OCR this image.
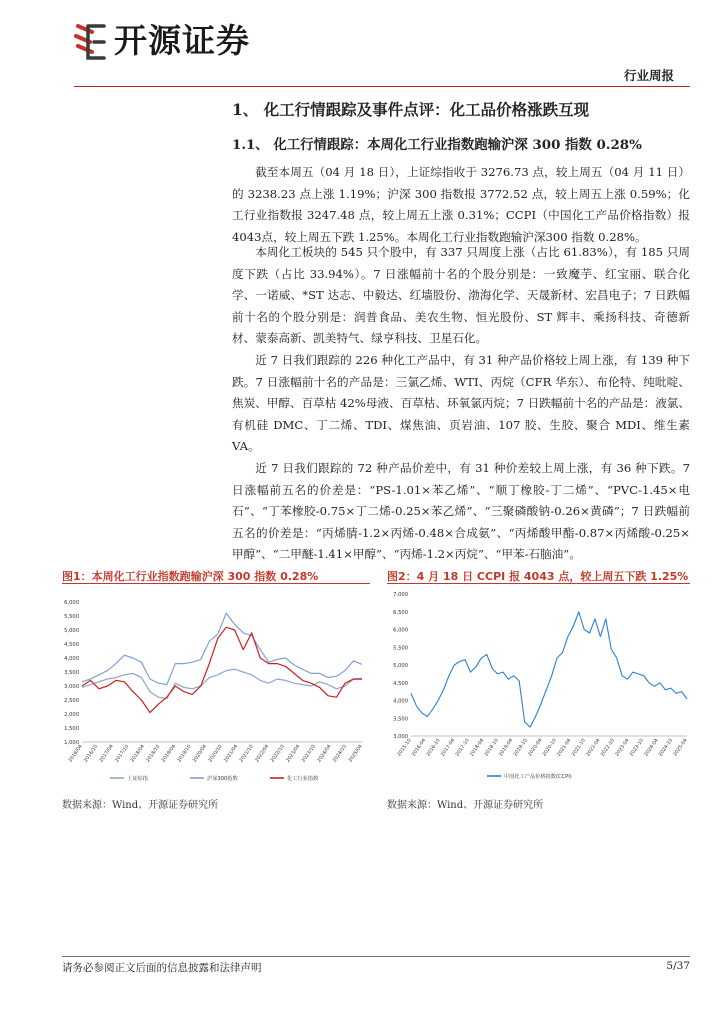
开源证券
行业周报
1、 化工行情跟踪及事件点评：化工品价格涨跌互现
1.1、 化工行情跟踪：本周化工行业指数跑输沪深 300 指数 0.28%

截至本周五（04 月 18 日），上证综指收于 3276.73 点，较上周五（04 月 11 日）的 3238.23 点上涨 1.19%；沪深 300 指数报 3772.52 点，较上周五上涨 0.59%；化工行业指数报 3247.48 点，较上周五上涨 0.31%；CCPI（中国化工产品价格指数）报4043点，较上周五下跌 1.25%。本周化工行业指数跑输沪深300 指数 0.28%。

本周化工板块的 545 只个股中，有 337 只周度上涨（占比 61.83%），有 185 只周度下跌（占比 33.94%）。7 日涨幅前十名的个股分别是：一致魔芋、红宝丽、联合化学、一诺威、*ST 达志、中毅达、红墙股份、渤海化学、天晟新材、宏昌电子；7 日跌幅前十名的个股分别是：润普食品、美农生物、恒光股份、ST 辉丰、乘扬科技、奇德新材、蒙泰高新、凯美特气、绿亨科技、卫星石化。

近 7 日我们跟踪的 226 种化工产品中，有 31 种产品价格较上周上涨，有 139 种下跌。7 日涨幅前十名的产品是：三氯乙烯、WTI、丙烷（CFR 华东）、布伦特、纯吡啶、焦炭、甲醇、百草枯 42%母液、百草枯、环氧氯丙烷；7 日跌幅前十名的产品是：液氯、有机硅 DMC、丁二烯、TDI、煤焦油、页岩油、107 胶、生胶、聚合 MDI、维生素 VA。

近 7 日我们跟踪的 72 种产品价差中，有 31 种价差较上周上涨，有 36 种下跌。7 日涨幅前五名的价差是：“PS-1.01×苯乙烯”、“顺丁橡胶-丁二烯”、“PVC-1.45×电石”、“丁苯橡胶-0.75×丁二烯-0.25×苯乙烯”、“三聚磷酸钠-0.26×黄磷”；7 日跌幅前五名的价差是：“丙烯腈-1.2×丙烯-0.48×合成氨”、“丙烯酸甲酯-0.87×丙烯酸-0.25×甲醇”、“二甲醚-1.41×甲醇”、“丙烯-1.2×丙烷”、“甲苯-石脑油”。

图1：本周化工行业指数跑输沪深 300 指数 0.28%	图2：4 月 18 日 CCPI 报 4043 点，较上周五下跌 1.25%
1,000
1,500
2,000
2,500
3,000
3,500
4,000
4,500
5,000
5,500
6,000
2016/04 2016/10 2017/04 2017/10 2018/04 2018/10 2019/04 2019/10 2020/04 2020/10 2021/04 2021/10 2022/04 2022/10 2023/04 2023/10 2024/04 2024/10 2025/04
上证综指	沪深300指数	化工行业指数
3,000
3,500
4,000
4,500
5,000
5,500
6,000
6,500
7,000
2015-10
2016-04
2016-10
2017-04
2017-10
2018-04
2018-10
2019-04
2019-10
2020-04
2020-10
2021-04
2021-10
2022-04
2022-10
2023-04
2023-10
2024-04
2024-10
2025-04
中国化工产品价格指数(CCPI)
数据来源：Wind、开源证券研究所	数据来源：Wind、开源证券研究所
请务必参阅正文后面的信息披露和法律声明	5/37
